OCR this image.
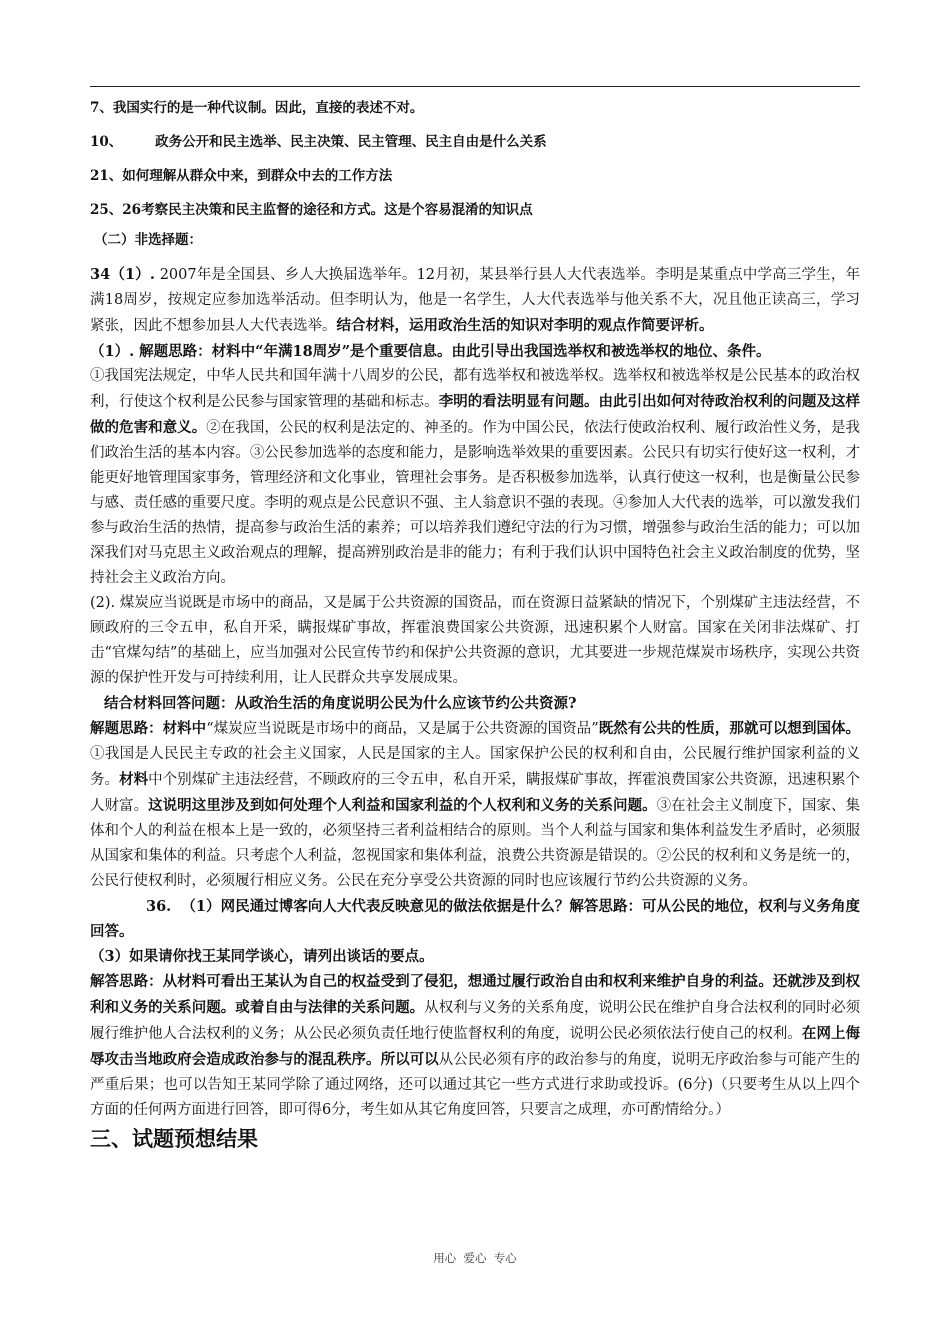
7、我国实行的是一种代议制。因此，直接的表述不对。

10、       政务公开和民主选举、民主决策、民主管理、民主自由是什么关系

21、如何理解从群众中来，到群众中去的工作方法

25、26考察民主决策和民主监督的途径和方式。这是个容易混淆的知识点

（二）非选择题：

34（1）. 2007年是全国县、乡人大换届选举年。12月初，某县举行县人大代表选举。李明是某重点中学高三学生，年满18周岁，按规定应参加选举活动。但李明认为，他是一名学生，人大代表选举与他关系不大，况且他正读高三，学习紧张，因此不想参加县人大代表选举。结合材料，运用政治生活的知识对李明的观点作简要评析。

（1）. 解题思路：材料中“年满18周岁”是个重要信息。由此引导出我国选举权和被选举权的地位、条件。

①我国宪法规定，中华人民共和国年满十八周岁的公民，都有选举权和被选举权。选举权和被选举权是公民基本的政治权利，行使这个权利是公民参与国家管理的基础和标志。李明的看法明显有问题。由此引出如何对待政治权利的问题及这样做的危害和意义。②在我国，公民的权利是法定的、神圣的。作为中国公民，依法行使政治权利、履行政治性义务，是我们政治生活的基本内容。③公民参加选举的态度和能力，是影响选举效果的重要因素。公民只有切实行使好这一权利，才能更好地管理国家事务，管理经济和文化事业，管理社会事务。是否积极参加选举，认真行使这一权利，也是衡量公民参与感、责任感的重要尺度。李明的观点是公民意识不强、主人翁意识不强的表现。④参加人大代表的选举，可以激发我们参与政治生活的热情，提高参与政治生活的素养；可以培养我们遵纪守法的行为习惯，增强参与政治生活的能力；可以加深我们对马克思主义政治观点的理解，提高辨别政治是非的能力；有利于我们认识中国特色社会主义政治制度的优势，坚持社会主义政治方向。

(2). 煤炭应当说既是市场中的商品，又是属于公共资源的国资品，而在资源日益紧缺的情况下，个别煤矿主违法经营，不顾政府的三令五申，私自开采，瞒报煤矿事故，挥霍浪费国家公共资源，迅速积累个人财富。国家在关闭非法煤矿、打击“官煤勾结”的基础上，应当加强对公民宣传节约和保护公共资源的意识，尤其要进一步规范煤炭市场秩序，实现公共资源的保护性开发与可持续利用，让人民群众共享发展成果。

结合材料回答问题：从政治生活的角度说明公民为什么应该节约公共资源?

解题思路：材料中“煤炭应当说既是市场中的商品，又是属于公共资源的国资品”既然有公共的性质，那就可以想到国体。①我国是人民民主专政的社会主义国家，人民是国家的主人。国家保护公民的权利和自由，公民履行维护国家利益的义务。材料中个别煤矿主违法经营，不顾政府的三令五申，私自开采，瞒报煤矿事故，挥霍浪费国家公共资源，迅速积累个人财富。这说明这里涉及到如何处理个人利益和国家利益的个人权利和义务的关系问题。③在社会主义制度下，国家、集体和个人的利益在根本上是一致的，必须坚持三者利益相结合的原则。当个人利益与国家和集体利益发生矛盾时，必须服从国家和集体的利益。只考虑个人利益，忽视国家和集体利益，浪费公共资源是错误的。②公民的权利和义务是统一的，公民行使权利时，必须履行相应义务。公民在充分享受公共资源的同时也应该履行节约公共资源的义务。

36.  （1）网民通过博客向人大代表反映意见的做法依据是什么？解答思路：可从公民的地位，权利与义务角度回答。

（3）如果请你找王某同学谈心，请列出谈话的要点。

解答思路：从材料可看出王某认为自己的权益受到了侵犯，想通过履行政治自由和权利来维护自身的利益。还就涉及到权利和义务的关系问题。或着自由与法律的关系问题。从权利与义务的关系角度，说明公民在维护自身合法权利的同时必须履行维护他人合法权利的义务；从公民必须负责任地行使监督权利的角度，说明公民必须依法行使自己的权利。在网上侮辱攻击当地政府会造成政治参与的混乱秩序。所以可以从公民必须有序的政治参与的角度，说明无序政治参与可能产生的严重后果；也可以告知王某同学除了通过网络，还可以通过其它一些方式进行求助或投诉。(6分)（只要考生从以上四个方面的任何两方面进行回答，即可得6分，考生如从其它角度回答，只要言之成理，亦可酌情给分。）

三、试题预想结果
用心  爱心  专心
